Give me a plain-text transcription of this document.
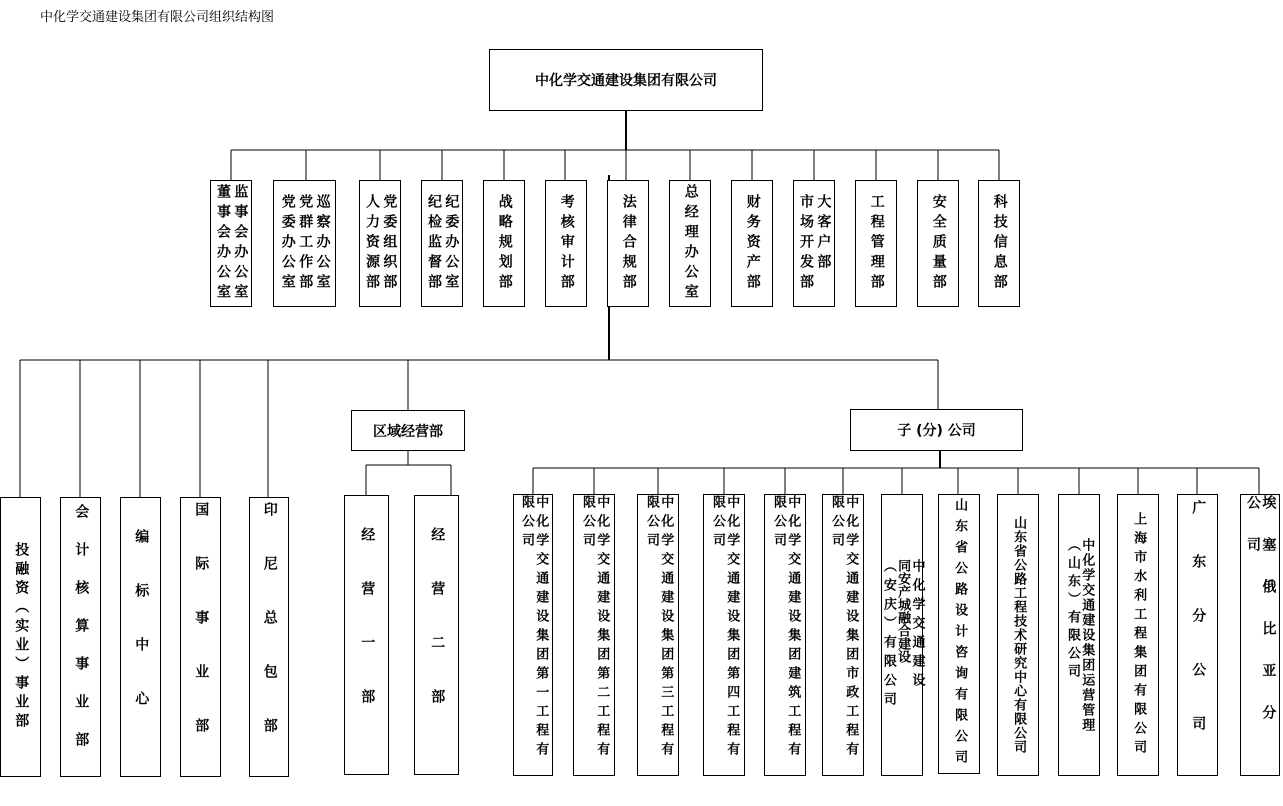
中化学交通建设集团有限公司组织结构图
中化学交通建设集团有限公司
监事会办公室
董事会办公室	巡察办公室
党群工作部
党委办公室	党委组织部
人力资源部	纪委办公室
纪检监督部	战略规划部	考核审计部	法律合规部	总经理办公室	财务资产部	大客户部
市场开发部	工程管理部	安全质量部	科技信息部
投融资（实业）事业部	会计核算事业部	编标中心	国际事业部	印尼总包部
区域经营部
经营一部	经营二部
子 (分) 公司
中化学交通建设集团第一工程有限公司	中化学交通建设集团第二工程有限公司	中化学交通建设集团第三工程有限公司	中化学交通建设集团第四工程有限公司	中化学交通建设集团建筑工程有限公司	中化学交通建设集团市政工程有限公司
中化学交通建设
同安产城融合建设
（安庆）有限公司	山东省公路设计咨询有限公司	山东省公路工程技术研究中心有限公司	中化学交通建设集团运营管理
（山东）有限公司	上海市水利工程集团有限公司	广东分公司	埃塞俄比亚分公司
